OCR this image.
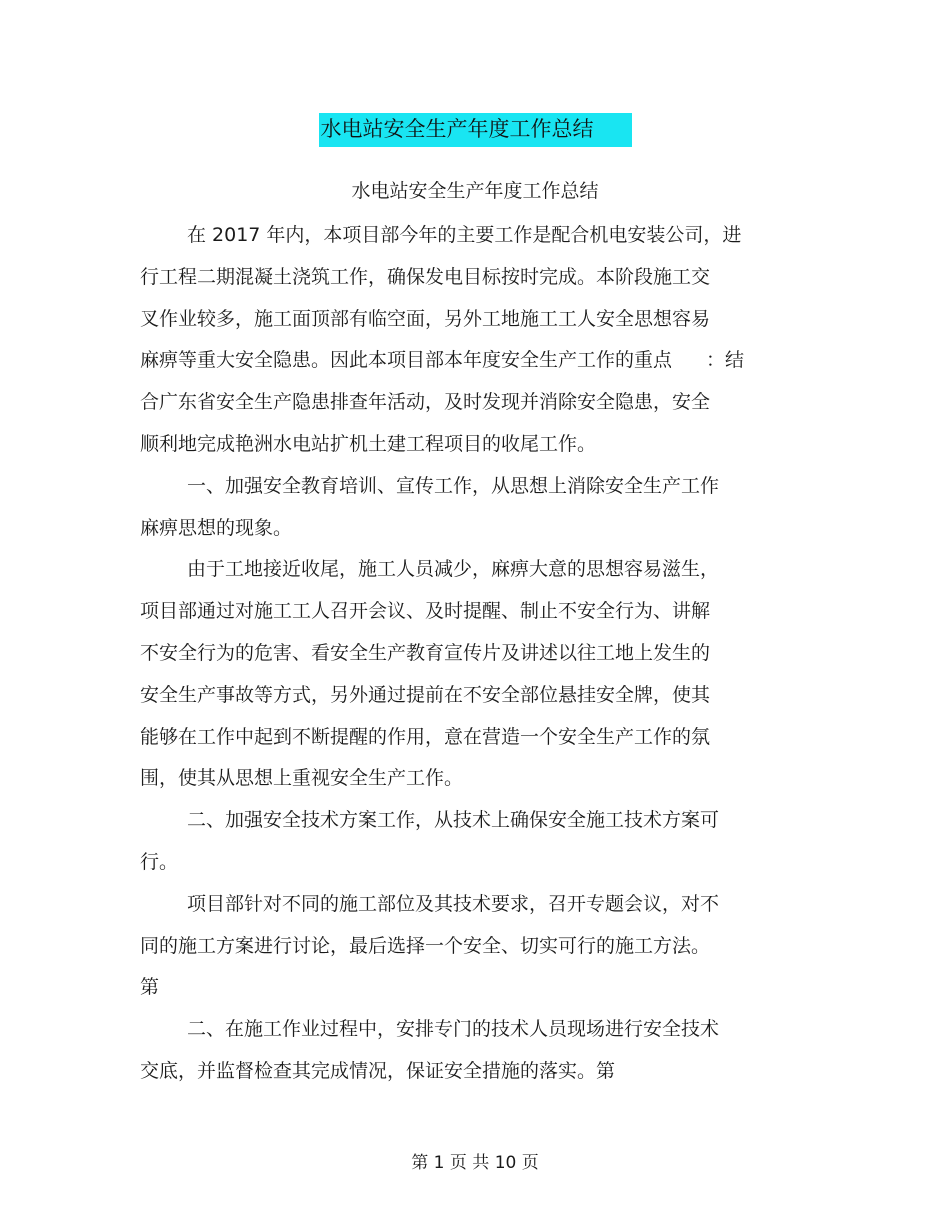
水电站安全生产年度工作总结
水电站安全生产年度工作总结
在 2017 年内，本项目部今年的主要工作是配合机电安装公司，进
行工程二期混凝土浇筑工作，确保发电目标按时完成。本阶段施工交
叉作业较多，施工面顶部有临空面，另外工地施工工人安全思想容易
麻痹等重大安全隐患。因此本项目部本年度安全生产工作的重点 ：结
合广东省安全生产隐患排查年活动，及时发现并消除安全隐患，安全
顺利地完成艳洲水电站扩机土建工程项目的收尾工作。
一、加强安全教育培训、宣传工作，从思想上消除安全生产工作
麻痹思想的现象。
由于工地接近收尾，施工人员减少，麻痹大意的思想容易滋生，
项目部通过对施工工人召开会议、及时提醒、制止不安全行为、讲解
不安全行为的危害、看安全生产教育宣传片及讲述以往工地上发生的
安全生产事故等方式，另外通过提前在不安全部位悬挂安全牌，使其
能够在工作中起到不断提醒的作用，意在营造一个安全生产工作的氛
围，使其从思想上重视安全生产工作。
二、加强安全技术方案工作，从技术上确保安全施工技术方案可
行。
项目部针对不同的施工部位及其技术要求，召开专题会议，对不
同的施工方案进行讨论，最后选择一个安全、切实可行的施工方法。
第
二、在施工作业过程中，安排专门的技术人员现场进行安全技术
交底，并监督检查其完成情况，保证安全措施的落实。第
第 1 页 共 10 页
